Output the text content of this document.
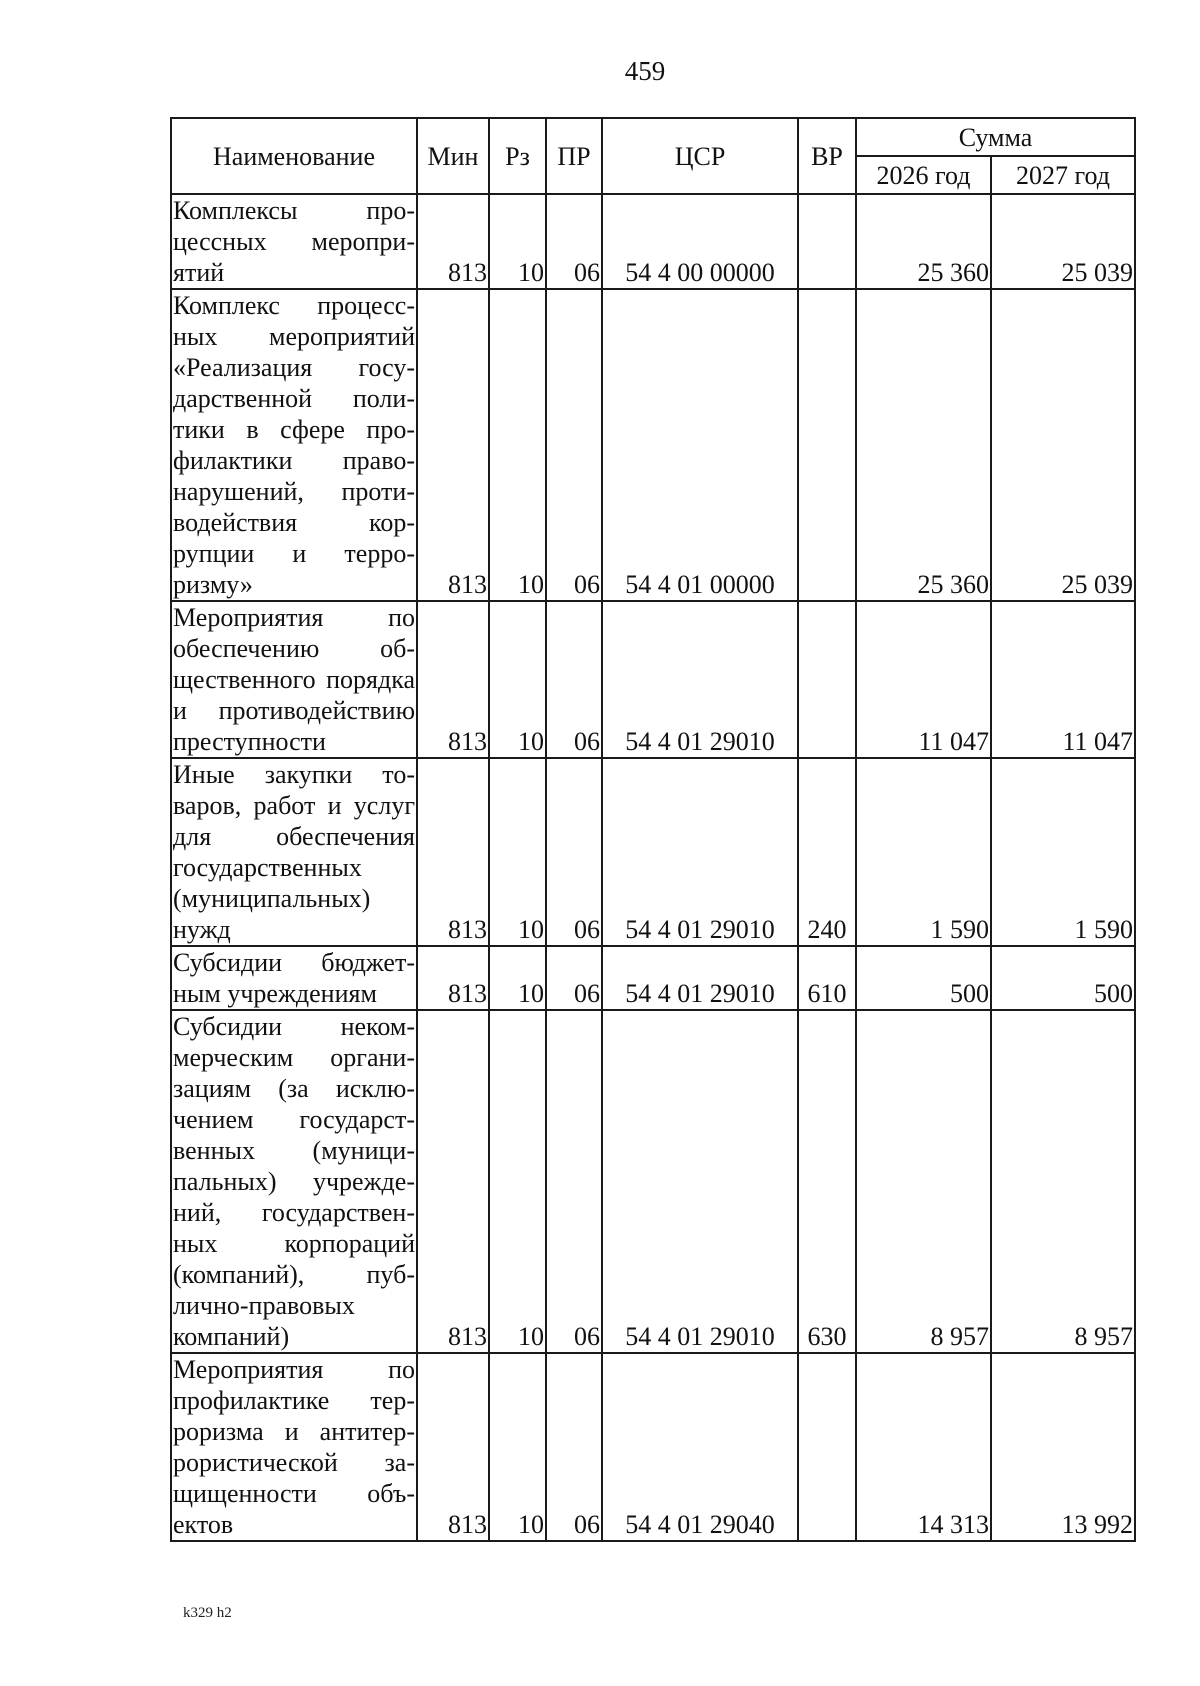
459
Наименование	Мин	Рз	ПР	ЦСР	ВР	Сумма	
						2026 год	2027 год
Комплексы процессных мероприятий	813	10	06	54 4 00 00000		25 360	25 039
Комплекс процессных мероприятий «Реализация государственной политики в сфере профилактики правонарушений, противодействия коррупции и терроризму»	813	10	06	54 4 01 00000		25 360	25 039
Мероприятия по обеспечению общественного порядка и противодействию преступности	813	10	06	54 4 01 29010		11 047	11 047
Иные закупки товаров, работ и услуг для обеспечения государственных (муниципальных) нужд	813	10	06	54 4 01 29010	240	1 590	1 590
Субсидии бюджетным учреждениям	813	10	06	54 4 01 29010	610	500	500
Субсидии некоммерческим организациям (за исключением государственных (муниципальных) учреждений, государственных корпораций (компаний), публично-правовых компаний)	813	10	06	54 4 01 29010	630	8 957	8 957
Мероприятия по профилактике терроризма и антитеррористической защищенности объектов	813	10	06	54 4 01 29040		14 313	13 992
k329 h2
